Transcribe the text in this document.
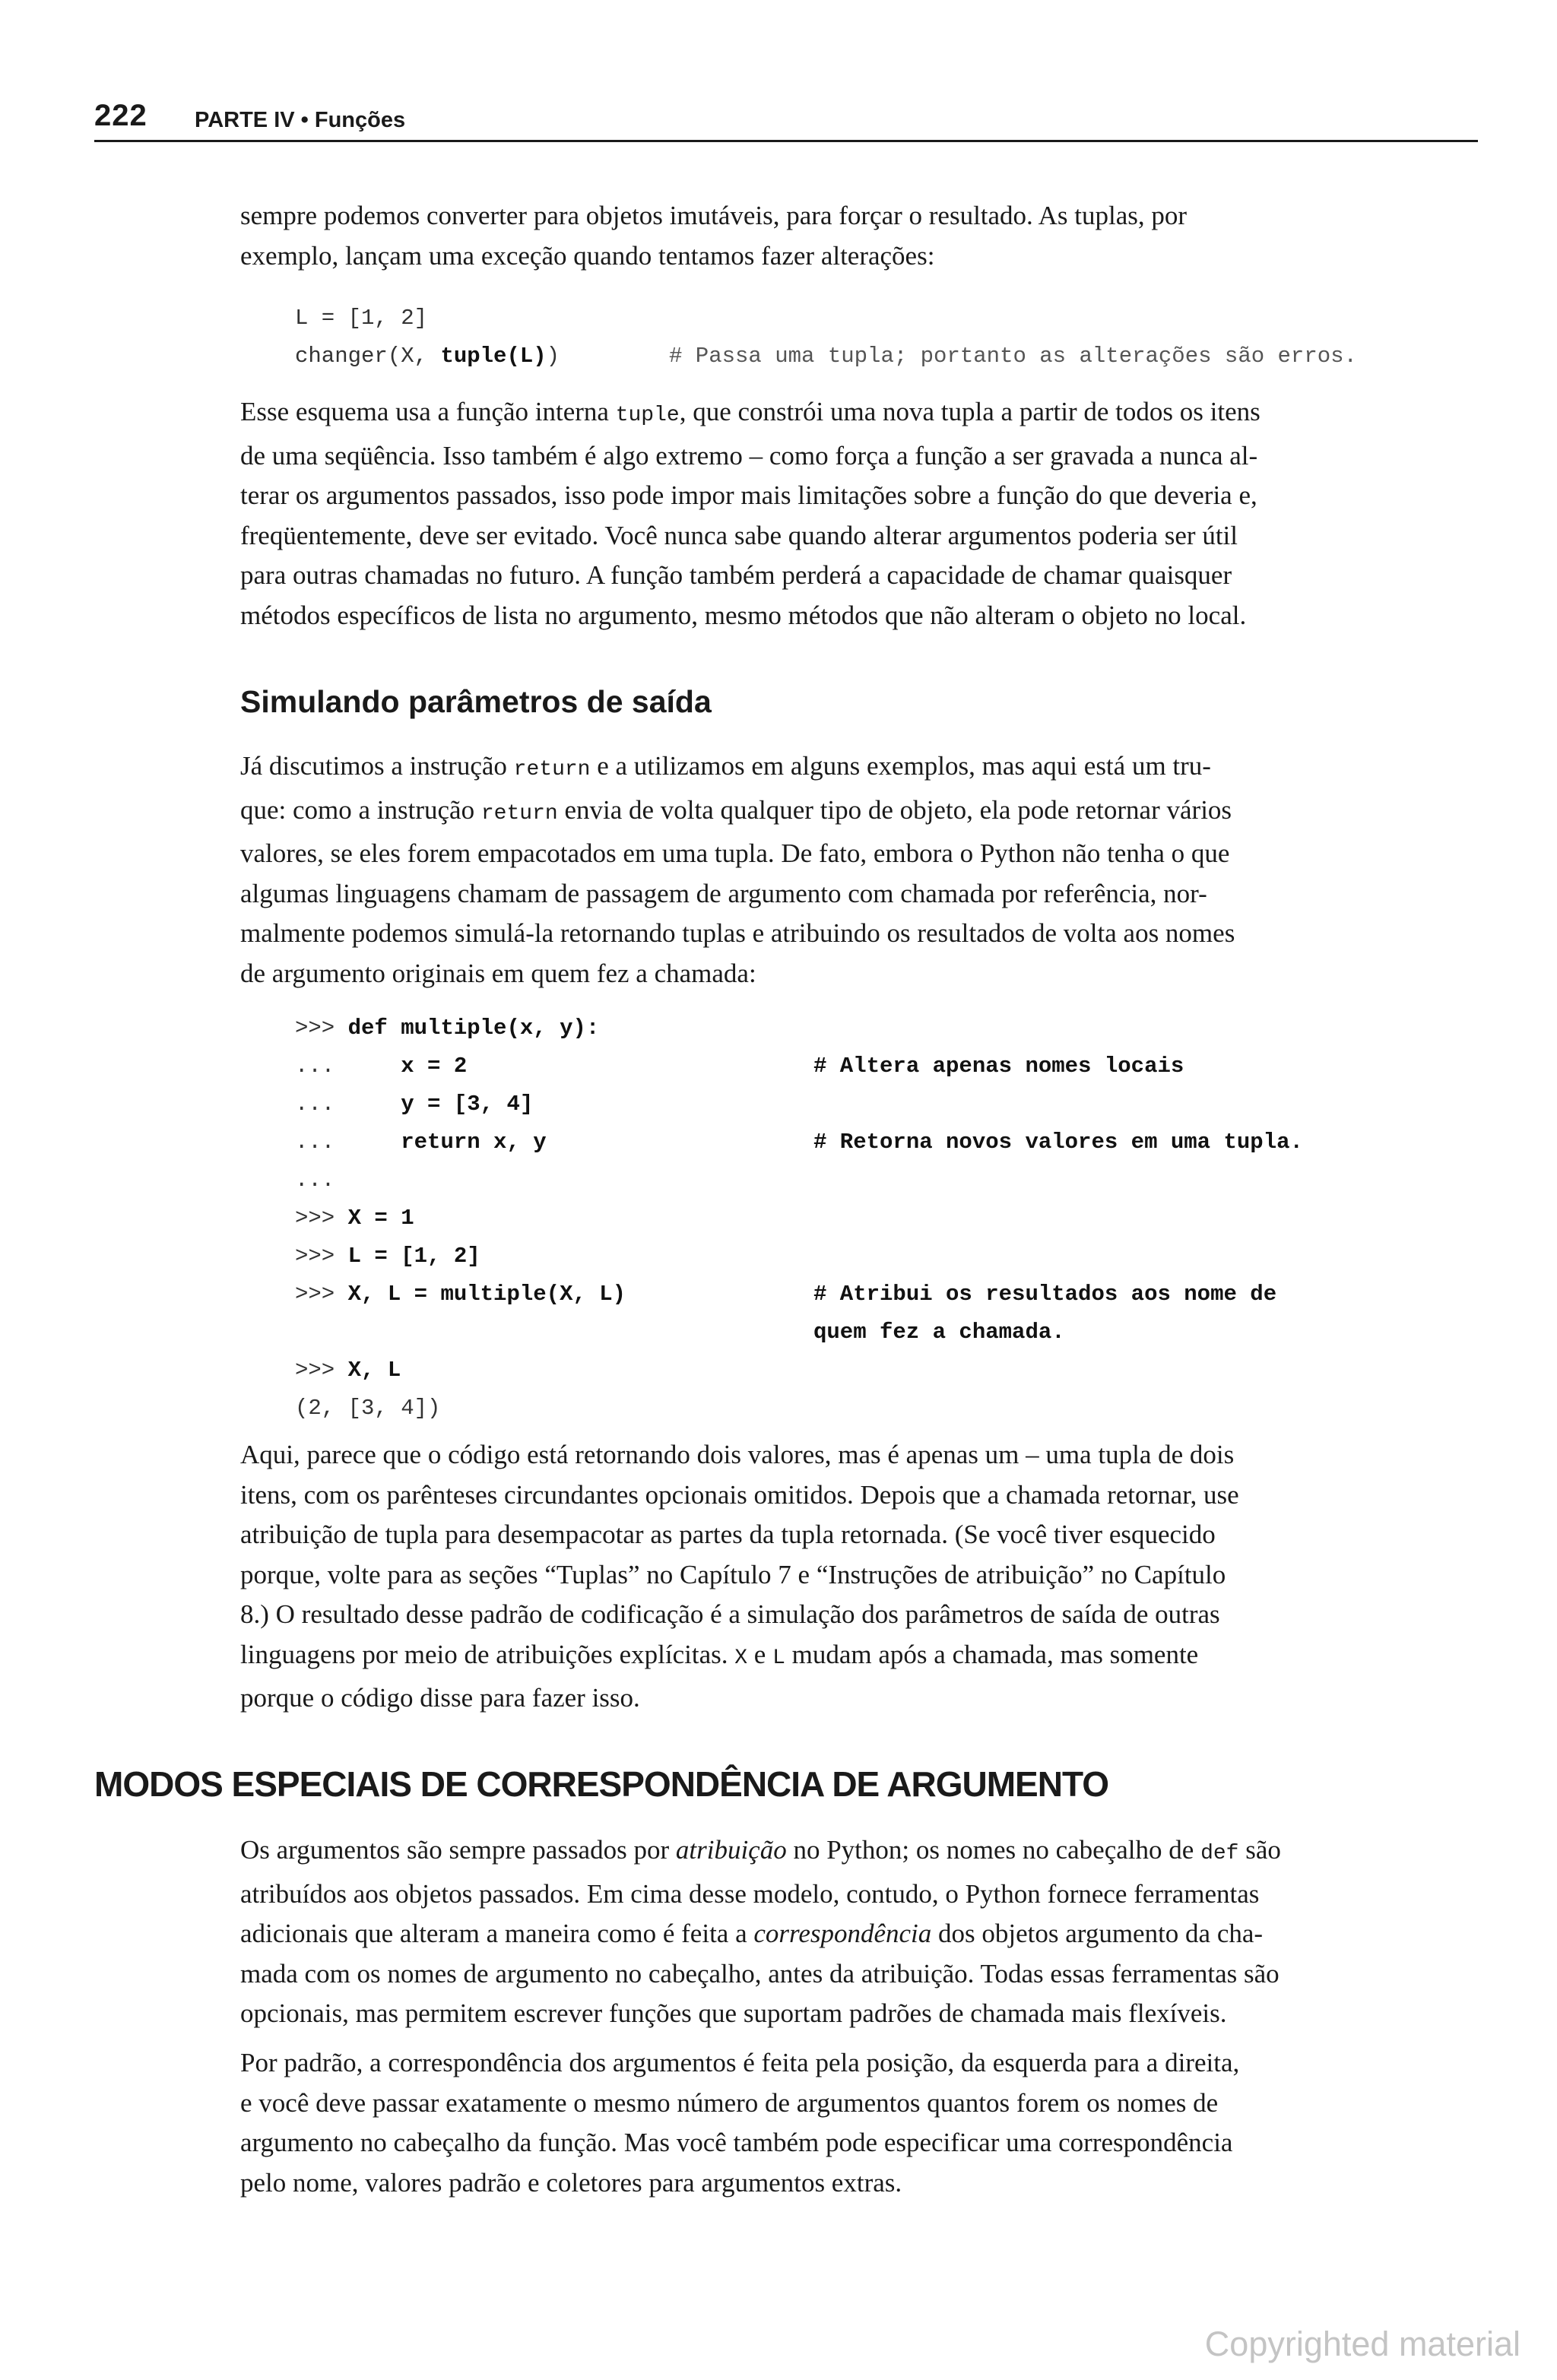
222 PARTE IV • Funções
sempre podemos converter para objetos imutáveis, para forçar o resultado. As tuplas, por
exemplo, lançam uma exceção quando tentamos fazer alterações:
L = [1, 2]
changer(X, tuple(L))	# Passa uma tupla; portanto as alterações são erros.
Esse esquema usa a função interna tuple, que constrói uma nova tupla a partir de todos os itens
de uma seqüência. Isso também é algo extremo – como força a função a ser gravada a nunca al-
terar os argumentos passados, isso pode impor mais limitações sobre a função do que deveria e,
freqüentemente, deve ser evitado. Você nunca sabe quando alterar argumentos poderia ser útil
para outras chamadas no futuro. A função também perderá a capacidade de chamar quaisquer
métodos específicos de lista no argumento, mesmo métodos que não alteram o objeto no local.
Simulando parâmetros de saída
Já discutimos a instrução return e a utilizamos em alguns exemplos, mas aqui está um tru-
que: como a instrução return envia de volta qualquer tipo de objeto, ela pode retornar vários
valores, se eles forem empacotados em uma tupla. De fato, embora o Python não tenha o que
algumas linguagens chamam de passagem de argumento com chamada por referência, nor-
malmente podemos simulá-la retornando tuplas e atribuindo os resultados de volta aos nomes
de argumento originais em quem fez a chamada:
>>> def multiple(x, y):
...     x = 2
...     y = [3, 4]
...     return x, y
...
>>> X = 1
>>> L = [1, 2]
>>> X, L = multiple(X, L)

>>> X, L
(2, [3, 4])
# Altera apenas nomes locais
# Retorna novos valores em uma tupla.
# Atribui os resultados aos nome de
quem fez a chamada.
Aqui, parece que o código está retornando dois valores, mas é apenas um – uma tupla de dois
itens, com os parênteses circundantes opcionais omitidos. Depois que a chamada retornar, use
atribuição de tupla para desempacotar as partes da tupla retornada. (Se você tiver esquecido
porque, volte para as seções “Tuplas” no Capítulo 7 e “Instruções de atribuição” no Capítulo
8.) O resultado desse padrão de codificação é a simulação dos parâmetros de saída de outras
linguagens por meio de atribuições explícitas. X e L mudam após a chamada, mas somente
porque o código disse para fazer isso.
MODOS ESPECIAIS DE CORRESPONDÊNCIA DE ARGUMENTO
Os argumentos são sempre passados por atribuição no Python; os nomes no cabeçalho de def são
atribuídos aos objetos passados. Em cima desse modelo, contudo, o Python fornece ferramentas
adicionais que alteram a maneira como é feita a correspondência dos objetos argumento da cha-
mada com os nomes de argumento no cabeçalho, antes da atribuição. Todas essas ferramentas são
opcionais, mas permitem escrever funções que suportam padrões de chamada mais flexíveis.
Por padrão, a correspondência dos argumentos é feita pela posição, da esquerda para a direita,
e você deve passar exatamente o mesmo número de argumentos quantos forem os nomes de
argumento no cabeçalho da função. Mas você também pode especificar uma correspondência
pelo nome, valores padrão e coletores para argumentos extras.
Copyrighted material
